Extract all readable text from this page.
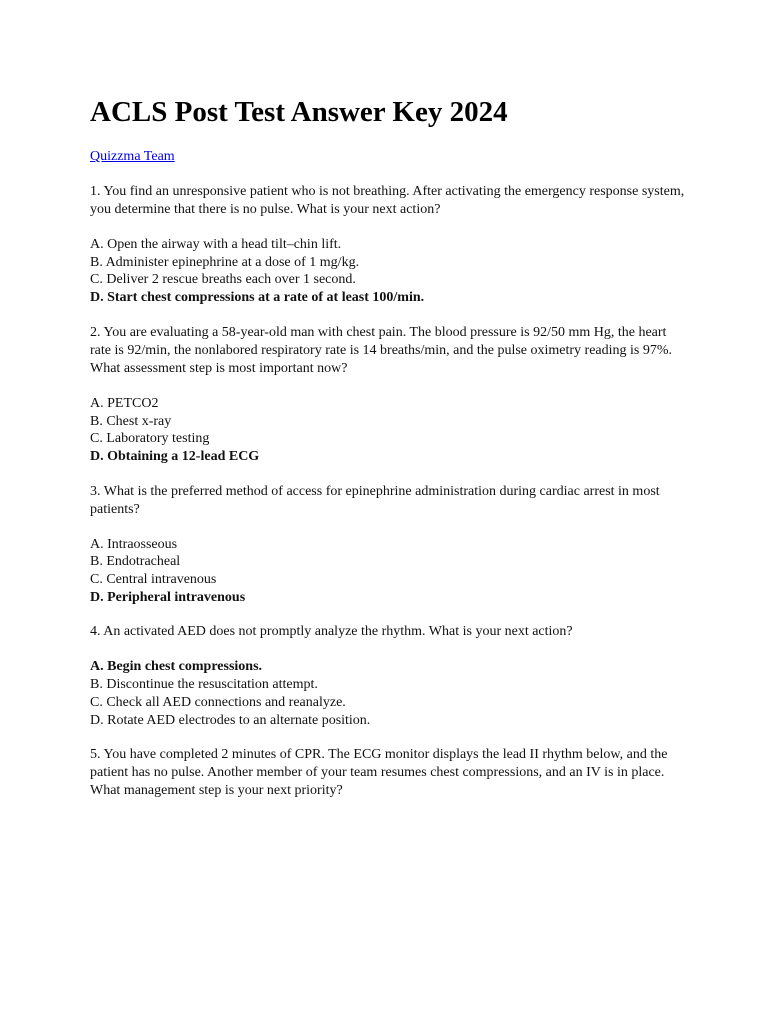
ACLS Post Test Answer Key 2024
Quizzma Team

1. You find an unresponsive patient who is not breathing. After activating the emergency response system, you determine that there is no pulse. What is your next action?

A. Open the airway with a head tilt–chin lift.
B. Administer epinephrine at a dose of 1 mg/kg.
C. Deliver 2 rescue breaths each over 1 second.
D. Start chest compressions at a rate of at least 100/min.

2. You are evaluating a 58-year-old man with chest pain. The blood pressure is 92/50 mm Hg, the heart rate is 92/min, the nonlabored respiratory rate is 14 breaths/min, and the pulse oximetry reading is 97%. What assessment step is most important now?

A. PETCO2
B. Chest x-ray
C. Laboratory testing
D. Obtaining a 12-lead ECG

3. What is the preferred method of access for epinephrine administration during cardiac arrest in most patients?

A. Intraosseous
B. Endotracheal
C. Central intravenous
D. Peripheral intravenous

4. An activated AED does not promptly analyze the rhythm. What is your next action?

A. Begin chest compressions.
B. Discontinue the resuscitation attempt.
C. Check all AED connections and reanalyze.
D. Rotate AED electrodes to an alternate position.

5. You have completed 2 minutes of CPR. The ECG monitor displays the lead II rhythm below, and the patient has no pulse. Another member of your team resumes chest compressions, and an IV is in place. What management step is your next priority?
